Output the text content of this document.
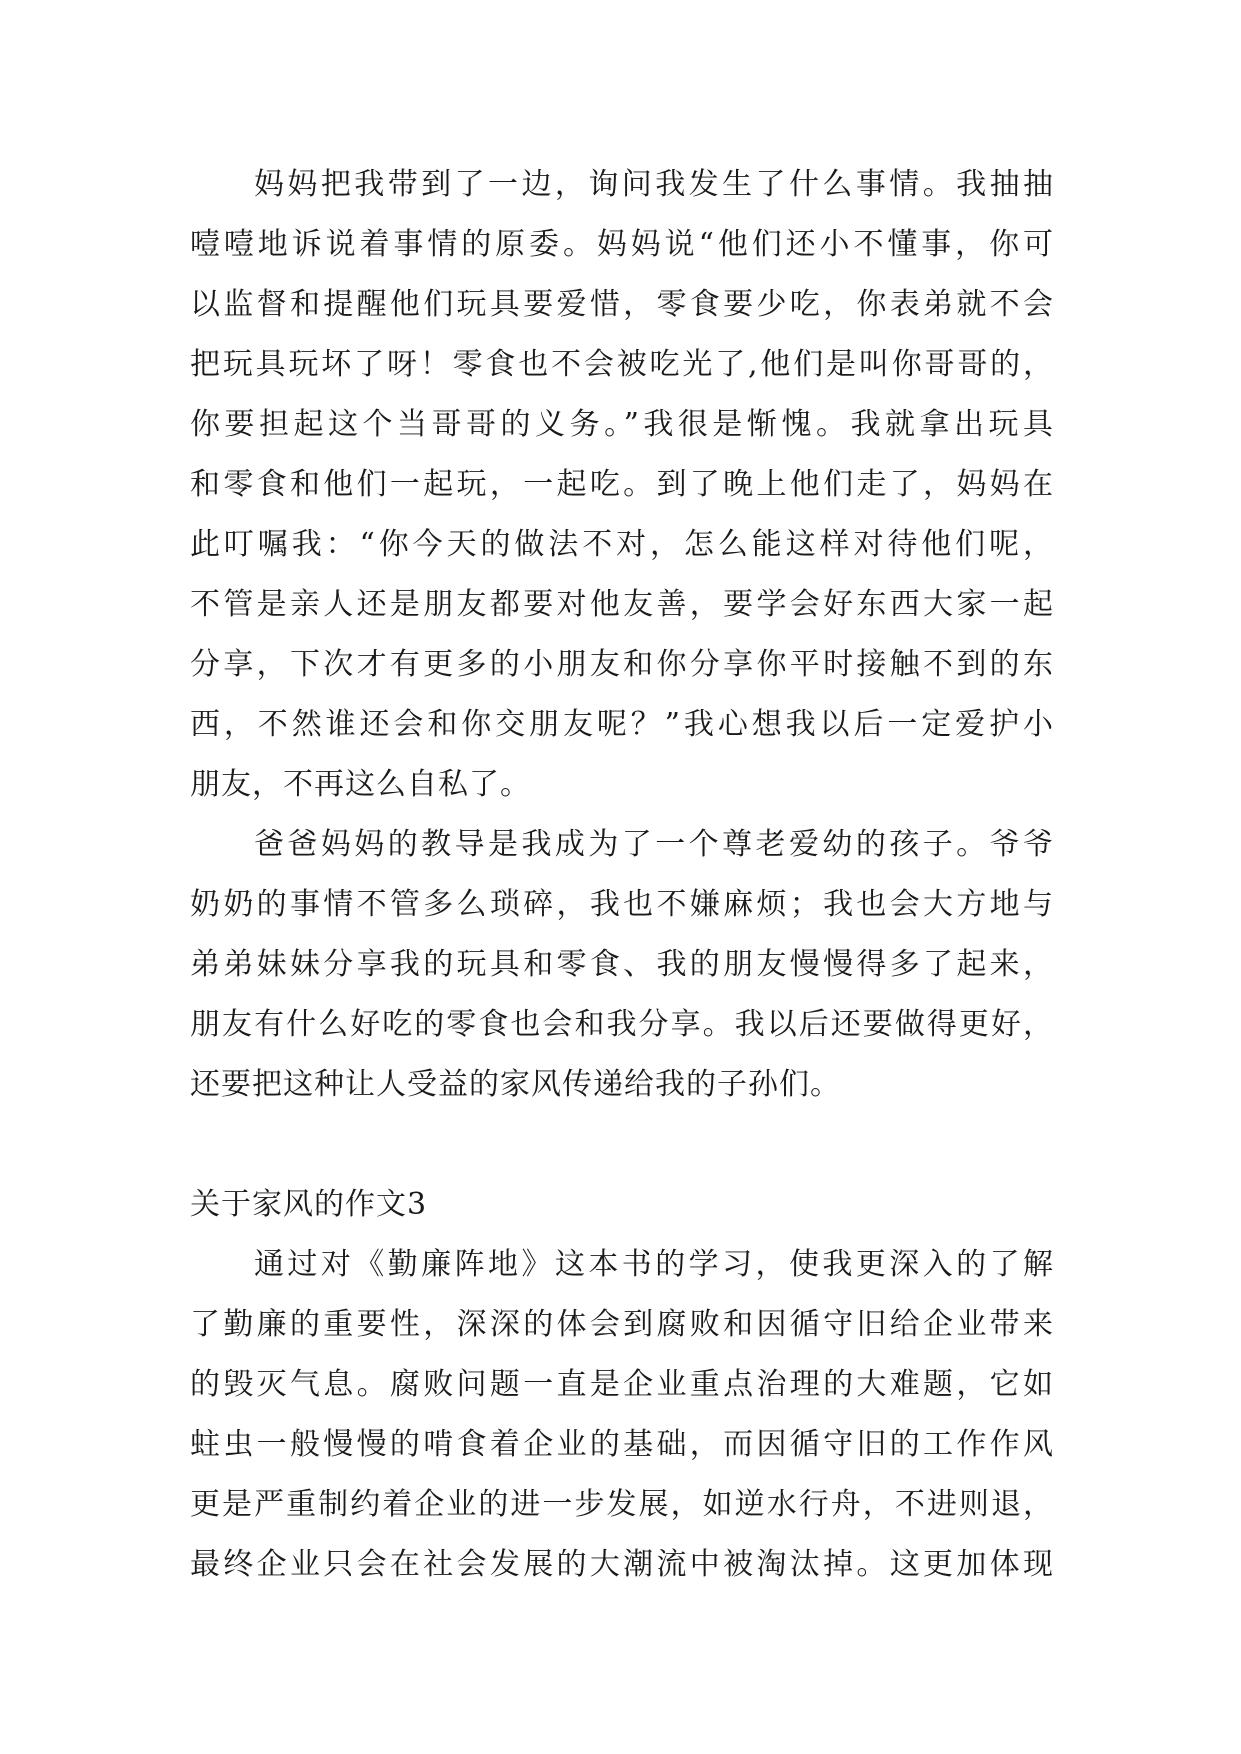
妈妈把我带到了一边，询问我发生了什么事情。我抽抽
噎噎地诉说着事情的原委。妈妈说“他们还小不懂事，你可
以监督和提醒他们玩具要爱惜，零食要少吃，你表弟就不会
把玩具玩坏了呀！零食也不会被吃光了,他们是叫你哥哥的，
你要担起这个当哥哥的义务。”我很是惭愧。我就拿出玩具
和零食和他们一起玩，一起吃。到了晚上他们走了，妈妈在
此叮嘱我：“你今天的做法不对，怎么能这样对待他们呢，
不管是亲人还是朋友都要对他友善，要学会好东西大家一起
分享，下次才有更多的小朋友和你分享你平时接触不到的东
西，不然谁还会和你交朋友呢？”我心想我以后一定爱护小
朋友，不再这么自私了。
爸爸妈妈的教导是我成为了一个尊老爱幼的孩子。爷爷
奶奶的事情不管多么琐碎，我也不嫌麻烦；我也会大方地与
弟弟妹妹分享我的玩具和零食、我的朋友慢慢得多了起来，
朋友有什么好吃的零食也会和我分享。我以后还要做得更好，
还要把这种让人受益的家风传递给我的子孙们。
关于家风的作文3
通过对《勤廉阵地》这本书的学习，使我更深入的了解
了勤廉的重要性，深深的体会到腐败和因循守旧给企业带来
的毁灭气息。腐败问题一直是企业重点治理的大难题，它如
蛀虫一般慢慢的啃食着企业的基础，而因循守旧的工作作风
更是严重制约着企业的进一步发展，如逆水行舟，不进则退，
最终企业只会在社会发展的大潮流中被淘汰掉。这更加体现
